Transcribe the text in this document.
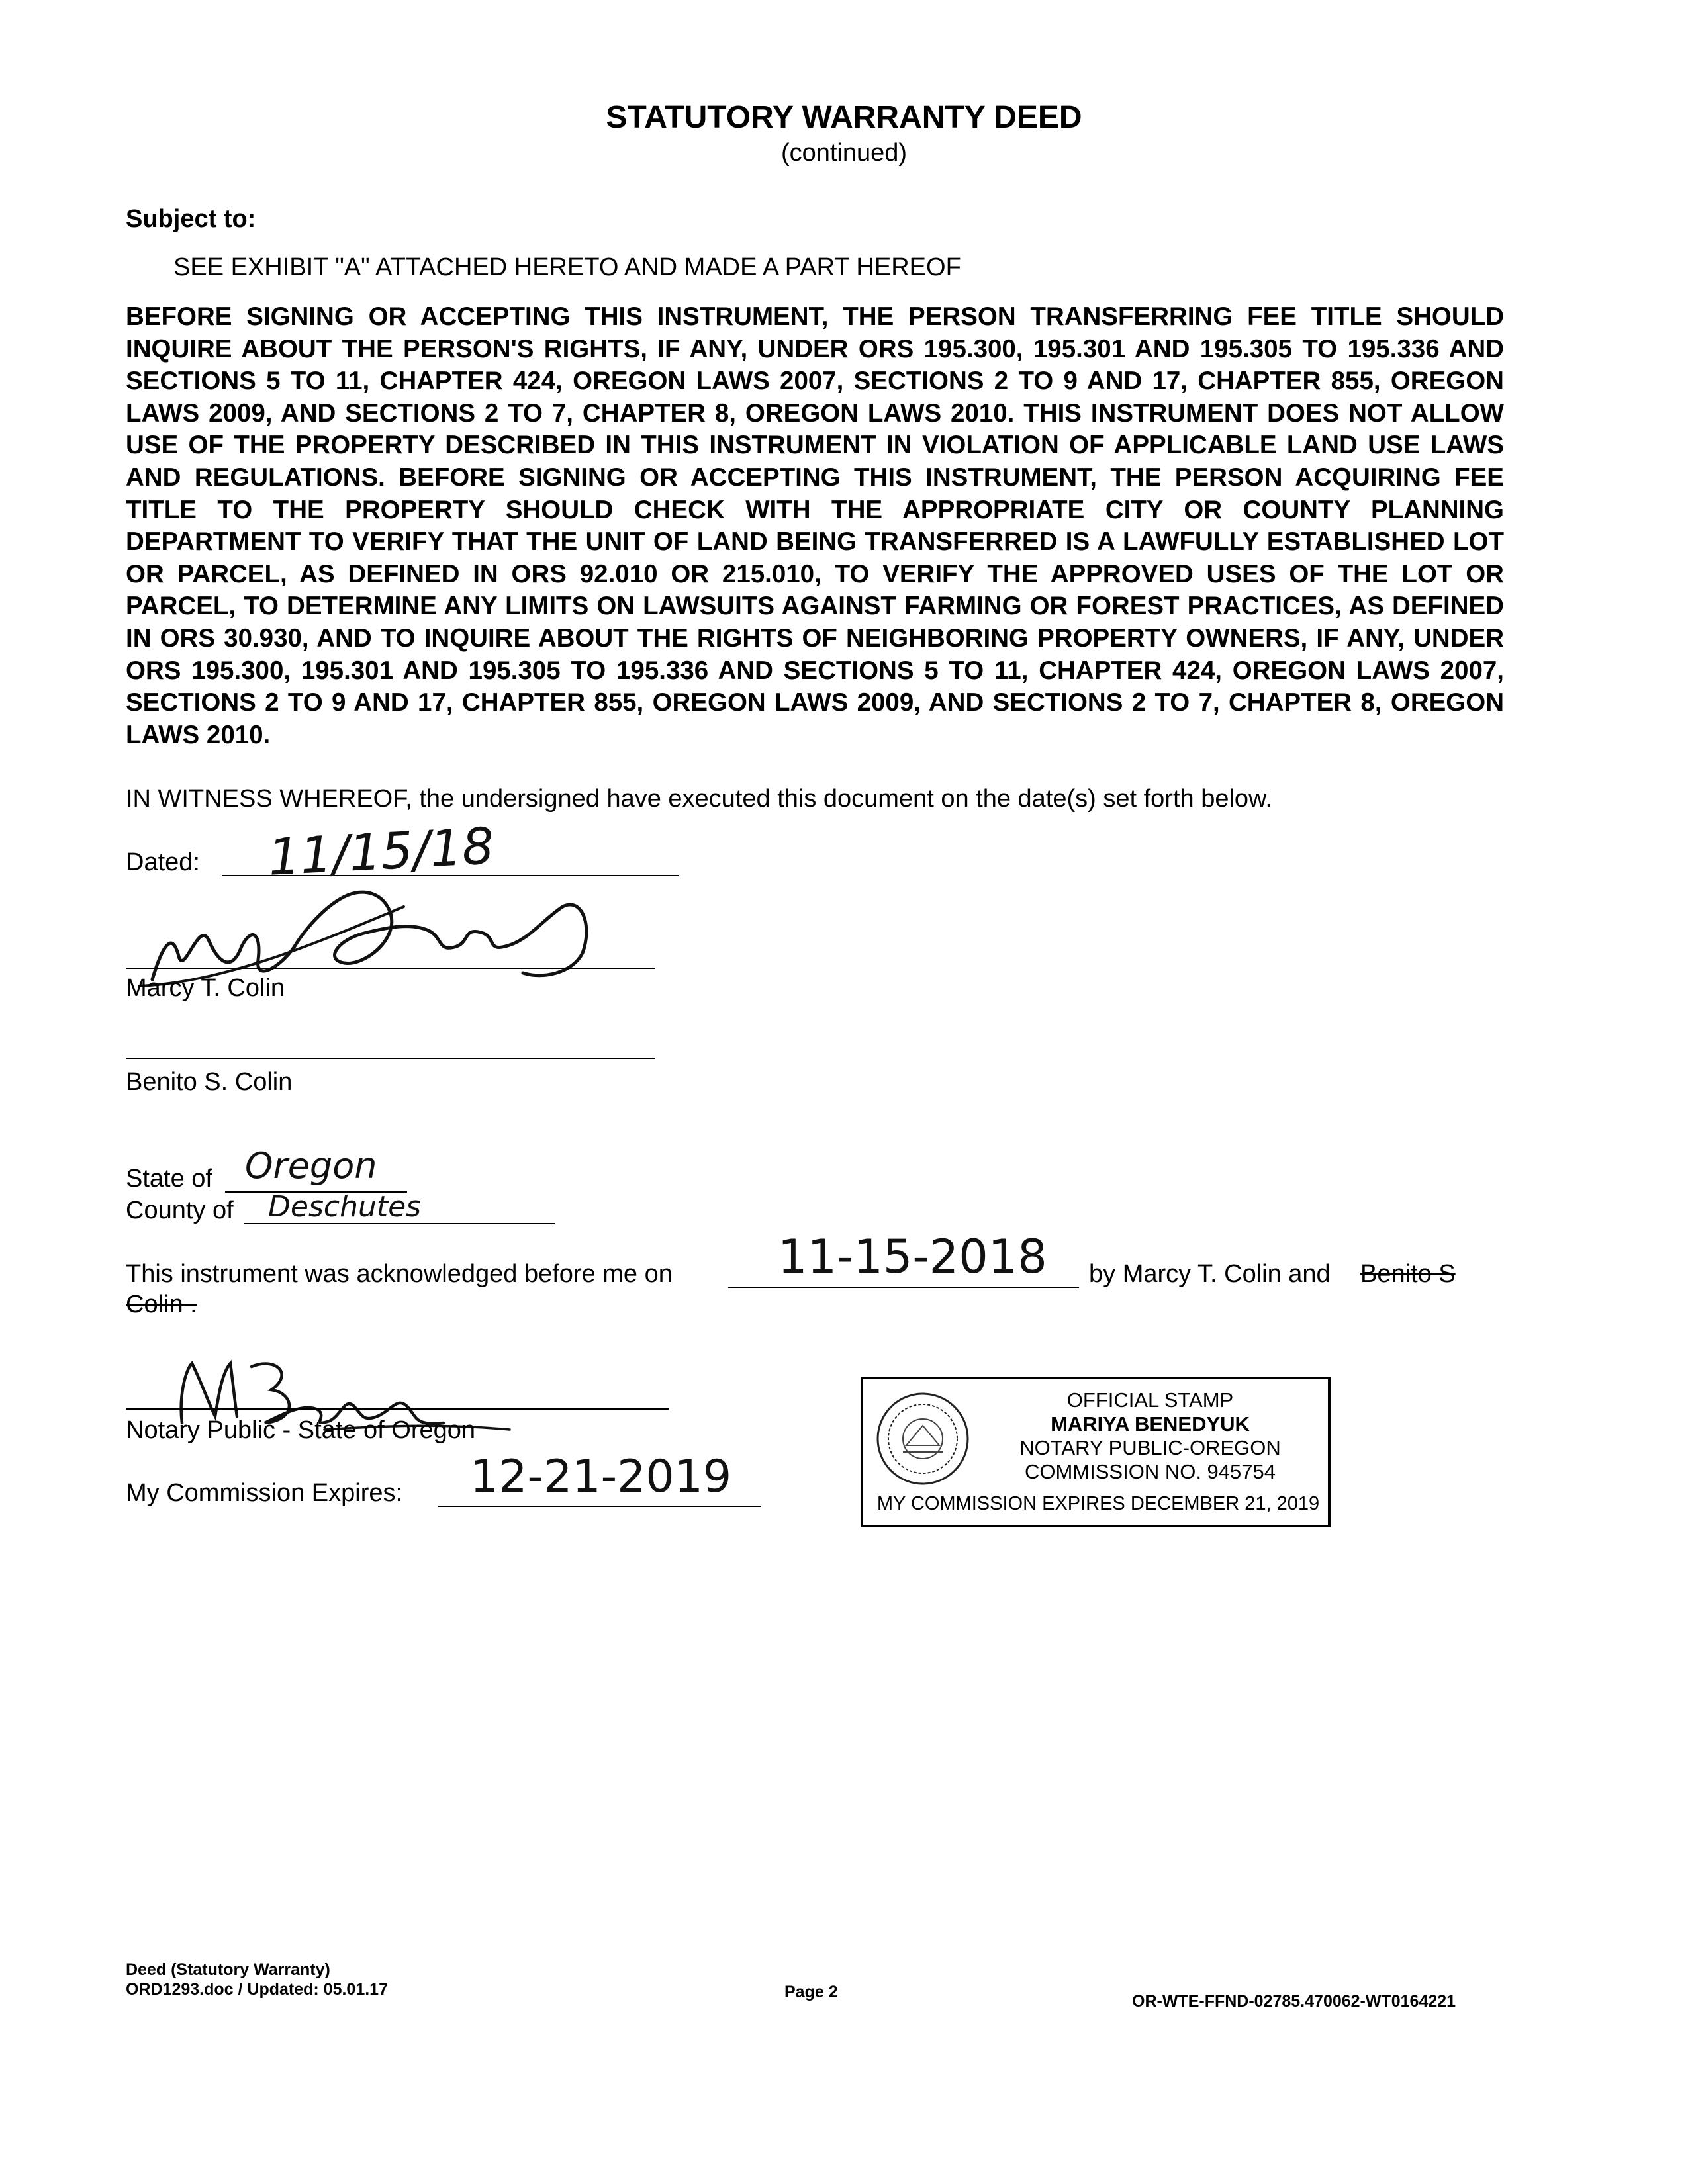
STATUTORY WARRANTY DEED
(continued)
Subject to:
SEE EXHIBIT "A" ATTACHED HERETO AND MADE A PART HEREOF
BEFORE SIGNING OR ACCEPTING THIS INSTRUMENT, THE PERSON TRANSFERRING FEE TITLE SHOULD INQUIRE ABOUT THE PERSON'S RIGHTS, IF ANY, UNDER ORS 195.300, 195.301 AND 195.305 TO 195.336 AND SECTIONS 5 TO 11, CHAPTER 424, OREGON LAWS 2007, SECTIONS 2 TO 9 AND 17, CHAPTER 855, OREGON LAWS 2009, AND SECTIONS 2 TO 7, CHAPTER 8, OREGON LAWS 2010. THIS INSTRUMENT DOES NOT ALLOW USE OF THE PROPERTY DESCRIBED IN THIS INSTRUMENT IN VIOLATION OF APPLICABLE LAND USE LAWS AND REGULATIONS. BEFORE SIGNING OR ACCEPTING THIS INSTRUMENT, THE PERSON ACQUIRING FEE TITLE TO THE PROPERTY SHOULD CHECK WITH THE APPROPRIATE CITY OR COUNTY PLANNING DEPARTMENT TO VERIFY THAT THE UNIT OF LAND BEING TRANSFERRED IS A LAWFULLY ESTABLISHED LOT OR PARCEL, AS DEFINED IN ORS 92.010 OR 215.010, TO VERIFY THE APPROVED USES OF THE LOT OR PARCEL, TO DETERMINE ANY LIMITS ON LAWSUITS AGAINST FARMING OR FOREST PRACTICES, AS DEFINED IN ORS 30.930, AND TO INQUIRE ABOUT THE RIGHTS OF NEIGHBORING PROPERTY OWNERS, IF ANY, UNDER ORS 195.300, 195.301 AND 195.305 TO 195.336 AND SECTIONS 5 TO 11, CHAPTER 424, OREGON LAWS 2007, SECTIONS 2 TO 9 AND 17, CHAPTER 855, OREGON LAWS 2009, AND SECTIONS 2 TO 7, CHAPTER 8, OREGON LAWS 2010.
IN WITNESS WHEREOF, the undersigned have executed this document on the date(s) set forth below.
Dated: 11/15/18
Marcy T. Colin
Benito S. Colin
State of Oregon
County of Deschutes
This instrument was acknowledged before me on 11-15-2018 by Marcy T. Colin and Benito S
Colin .
Notary Public - State of Oregon
My Commission Expires: 12-21-2019
OFFICIAL STAMP
MARIYA BENEDYUK
NOTARY PUBLIC-OREGON
COMMISSION NO. 945754
MY COMMISSION EXPIRES DECEMBER 21, 2019
Deed (Statutory Warranty)
ORD1293.doc / Updated: 05.01.17	Page 2	OR-WTE-FFND-02785.470062-WT0164221
